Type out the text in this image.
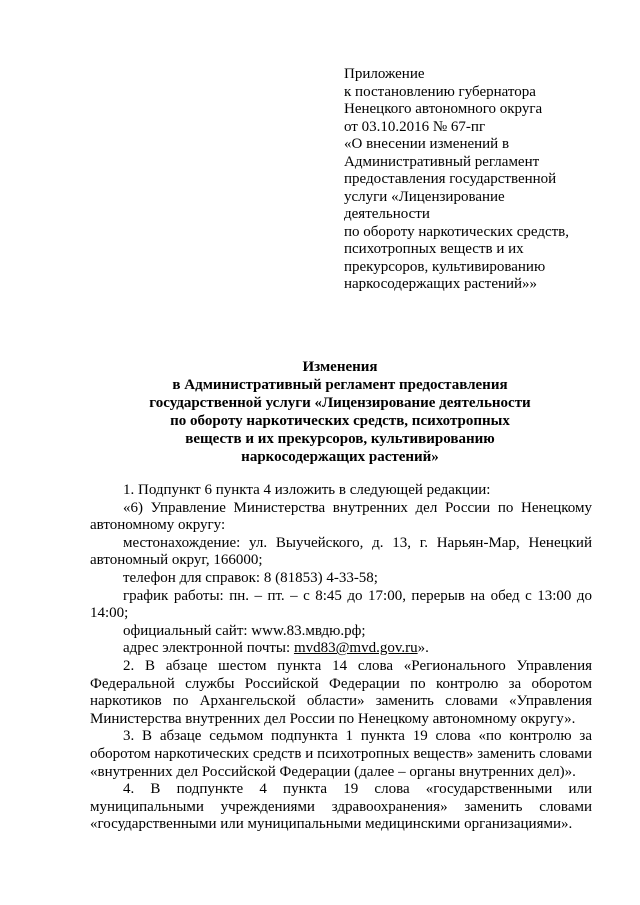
Приложение
к постановлению губернатора
Ненецкого автономного округа
от 03.10.2016 № 67-пг
«О внесении изменений в
Административный регламент
предоставления государственной
услуги «Лицензирование
деятельности
по обороту наркотических средств,
психотропных веществ и их
прекурсоров, культивированию
наркосодержащих растений»»
Изменения
в Административный регламент предоставления
государственной услуги «Лицензирование деятельности
по обороту наркотических средств, психотропных
веществ и их прекурсоров, культивированию
наркосодержащих растений»

1. Подпункт 6 пункта 4 изложить в следующей редакции:

«6) Управление Министерства внутренних дел России по Ненецкому автономному округу:

местонахождение: ул. Выучейского, д. 13, г. Нарьян-Мар, Ненецкий автономный округ, 166000;

телефон для справок: 8 (81853) 4-33-58;

график работы: пн. – пт. – с 8:45 до 17:00, перерыв на обед с 13:00 до 14:00;

официальный сайт: www.83.мвдю.рф;

адрес электронной почты: mvd83@mvd.gov.ru».

2. В абзаце шестом пункта 14 слова «Регионального Управления Федеральной службы Российской Федерации по контролю за оборотом наркотиков по Архангельской области» заменить словами «Управления Министерства внутренних дел России по Ненецкому автономному округу».

3. В абзаце седьмом подпункта 1 пункта 19 слова «по контролю за оборотом наркотических средств и психотропных веществ» заменить словами «внутренних дел Российской Федерации (далее – органы внутренних дел)».

4. В подпункте 4 пункта 19 слова «государственными или муниципальными учреждениями здравоохранения» заменить словами «государственными или муниципальными медицинскими организациями».
